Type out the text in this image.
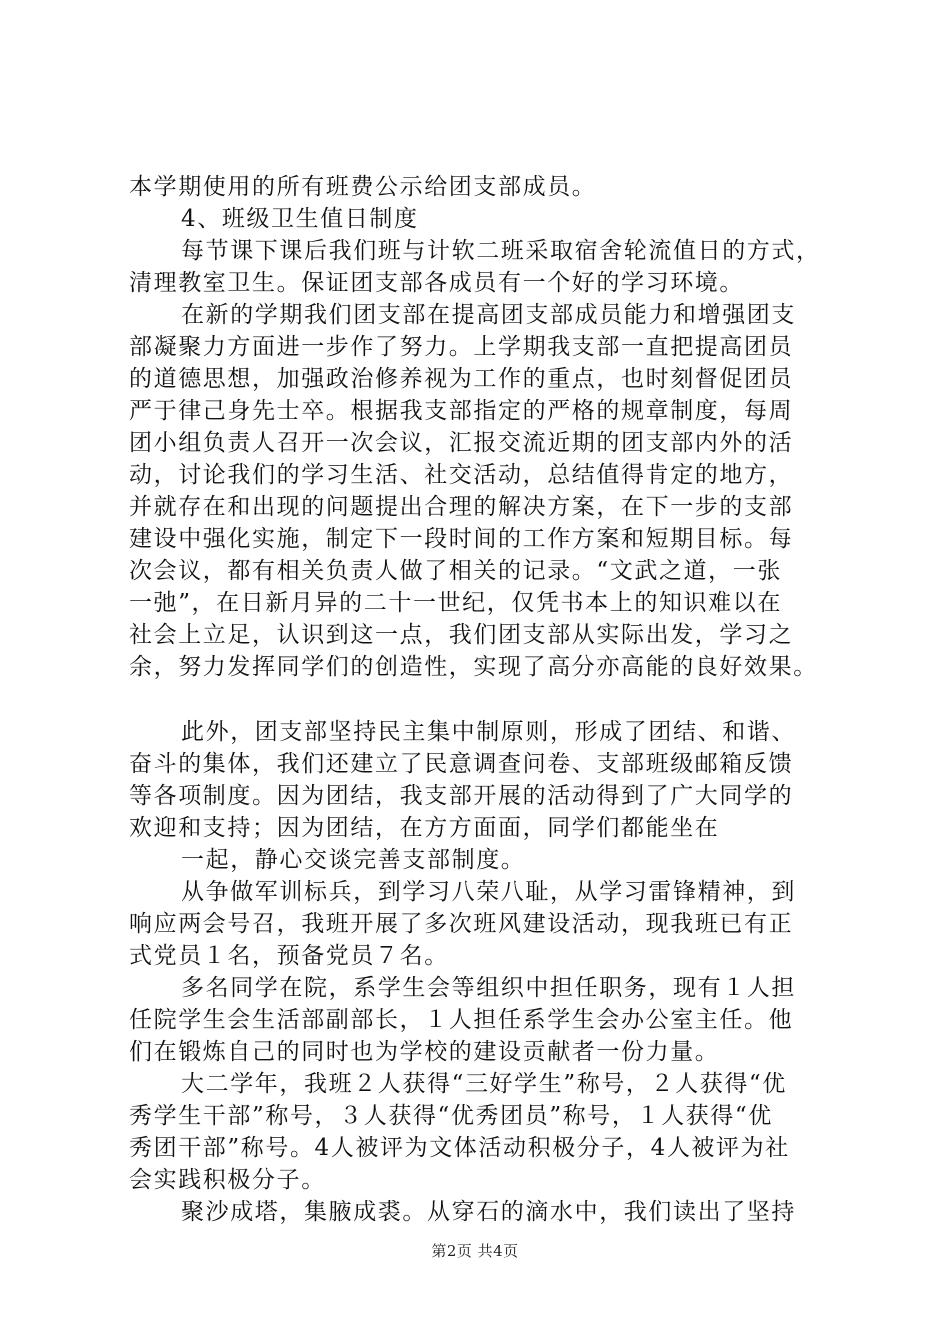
本学期使用的所有班费公示给团支部成员。
4、班级卫生值日制度
每节课下课后我们班与计软二班采取宿舍轮流值日的方式，
清理教室卫生。保证团支部各成员有一个好的学习环境。
在新的学期我们团支部在提高团支部成员能力和增强团支
部凝聚力方面进一步作了努力。上学期我支部一直把提高团员
的道德思想，加强政治修养视为工作的重点，也时刻督促团员
严于律己身先士卒。根据我支部指定的严格的规章制度，每周
团小组负责人召开一次会议，汇报交流近期的团支部内外的活
动，讨论我们的学习生活、社交活动，总结值得肯定的地方，
并就存在和出现的问题提出合理的解决方案，在下一步的支部
建设中强化实施，制定下一段时间的工作方案和短期目标。每
次会议，都有相关负责人做了相关的记录。“文武之道，一张
一弛”，在日新月异的二十一世纪，仅凭书本上的知识难以在
社会上立足，认识到这一点，我们团支部从实际出发，学习之
余，努力发挥同学们的创造性，实现了高分亦高能的良好效果。
此外，团支部坚持民主集中制原则，形成了团结、和谐、
奋斗的集体，我们还建立了民意调查问卷、支部班级邮箱反馈
等各项制度。因为团结，我支部开展的活动得到了广大同学的
欢迎和支持；因为团结，在方方面面，同学们都能坐在
一起，静心交谈完善支部制度。
从争做军训标兵，到学习八荣八耻，从学习雷锋精神，到
响应两会号召，我班开展了多次班风建设活动，现我班已有正
式党员１名，预备党员７名。
多名同学在院，系学生会等组织中担任职务，现有１人担
任院学生会生活部副部长，１人担任系学生会办公室主任。他
们在锻炼自己的同时也为学校的建设贡献者一份力量。
大二学年，我班２人获得“三好学生”称号，２人获得“优
秀学生干部”称号，３人获得“优秀团员”称号，１人获得“优
秀团干部”称号。4人被评为文体活动积极分子，4人被评为社
会实践积极分子。
聚沙成塔，集腋成裘。从穿石的滴水中，我们读出了坚持
第2页 共4页
